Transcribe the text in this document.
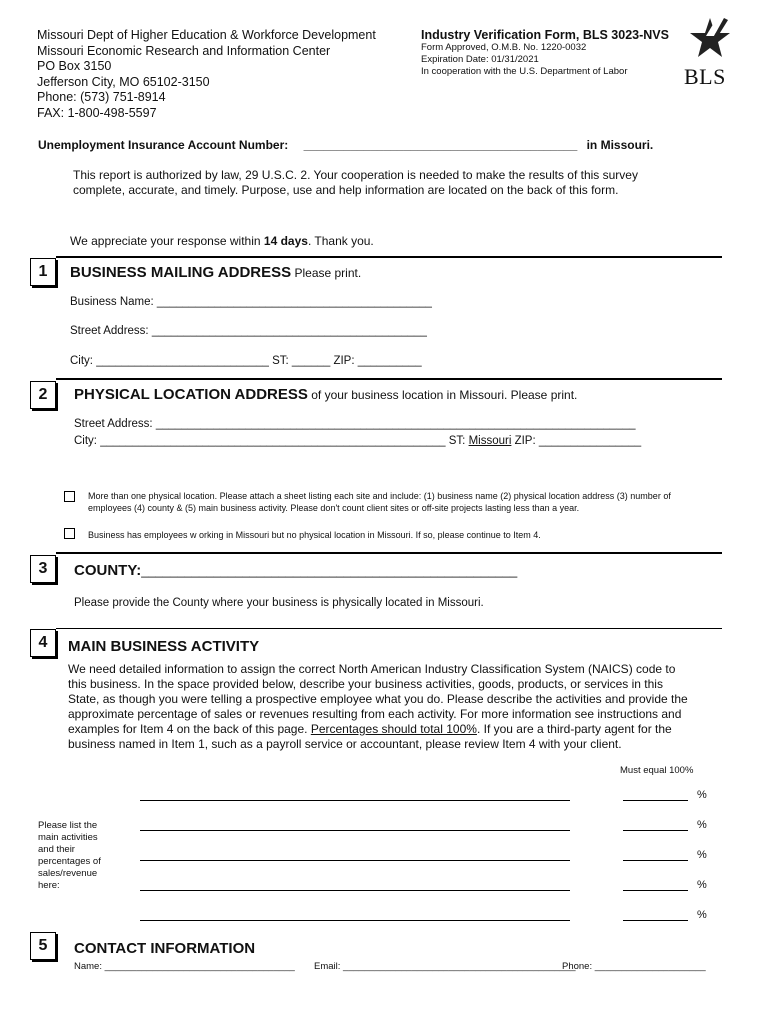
Missouri Dept of Higher Education & Workforce Development
Missouri Economic Research and Information Center
PO Box 3150
Jefferson City, MO 65102-3150
Phone: (573) 751-8914
FAX: 1-800-498-5597
Industry Verification Form, BLS 3023-NVS
Form Approved, O.M.B. No. 1220-0032
Expiration Date: 01/31/2021
In cooperation with the U.S. Department of Labor	BLS
Unemployment Insurance Account Number: _________________________________________ in Missouri.
This report is authorized by law, 29 U.S.C. 2. Your cooperation is needed to make the results of this survey complete, accurate, and timely. Purpose, use and help information are located on the back of this form.
We appreciate your response within 14 days. Thank you.
1	BUSINESS MAILING ADDRESS Please print.
Business Name: ___________________________________________
Street Address: ___________________________________________
City: ___________________________ ST: ______ ZIP: __________
2	PHYSICAL LOCATION ADDRESS of your business location in Missouri. Please print.
Street Address: ___________________________________________________________________________
City: ______________________________________________________ ST: Missouri ZIP: ________________
More than one physical location. Please attach a sheet listing each site and include: (1) business name (2) physical location address (3) number of employees (4) county & (5) main business activity. Please don't count client sites or off-site projects lasting less than a year.
Business has employees w orking in Missouri but no physical location in Missouri. If so, please continue to Item 4.
3	COUNTY:____________________________________________________
Please provide the County where your business is physically located in Missouri.
4	MAIN BUSINESS ACTIVITY
We need detailed information to assign the correct North American Industry Classification System (NAICS) code to this business. In the space provided below, describe your business activities, goods, products, or services in this State, as though you were telling a prospective employee what you do. Please describe the activities and provide the approximate percentage of sales or revenues resulting from each activity. For more information see instructions and examples for Item 4 on the back of this page. Percentages should total 100%. If you are a third-party agent for the business named in Item 1, such as a payroll service or accountant, please review Item 4 with your client.
Must equal 100%
Please list the main activities and their percentages of sales/revenue here:
%
%
%
%
%
5	CONTACT INFORMATION
Name: ____________________________________ Email: ____________________________________________
Phone: _____________________
